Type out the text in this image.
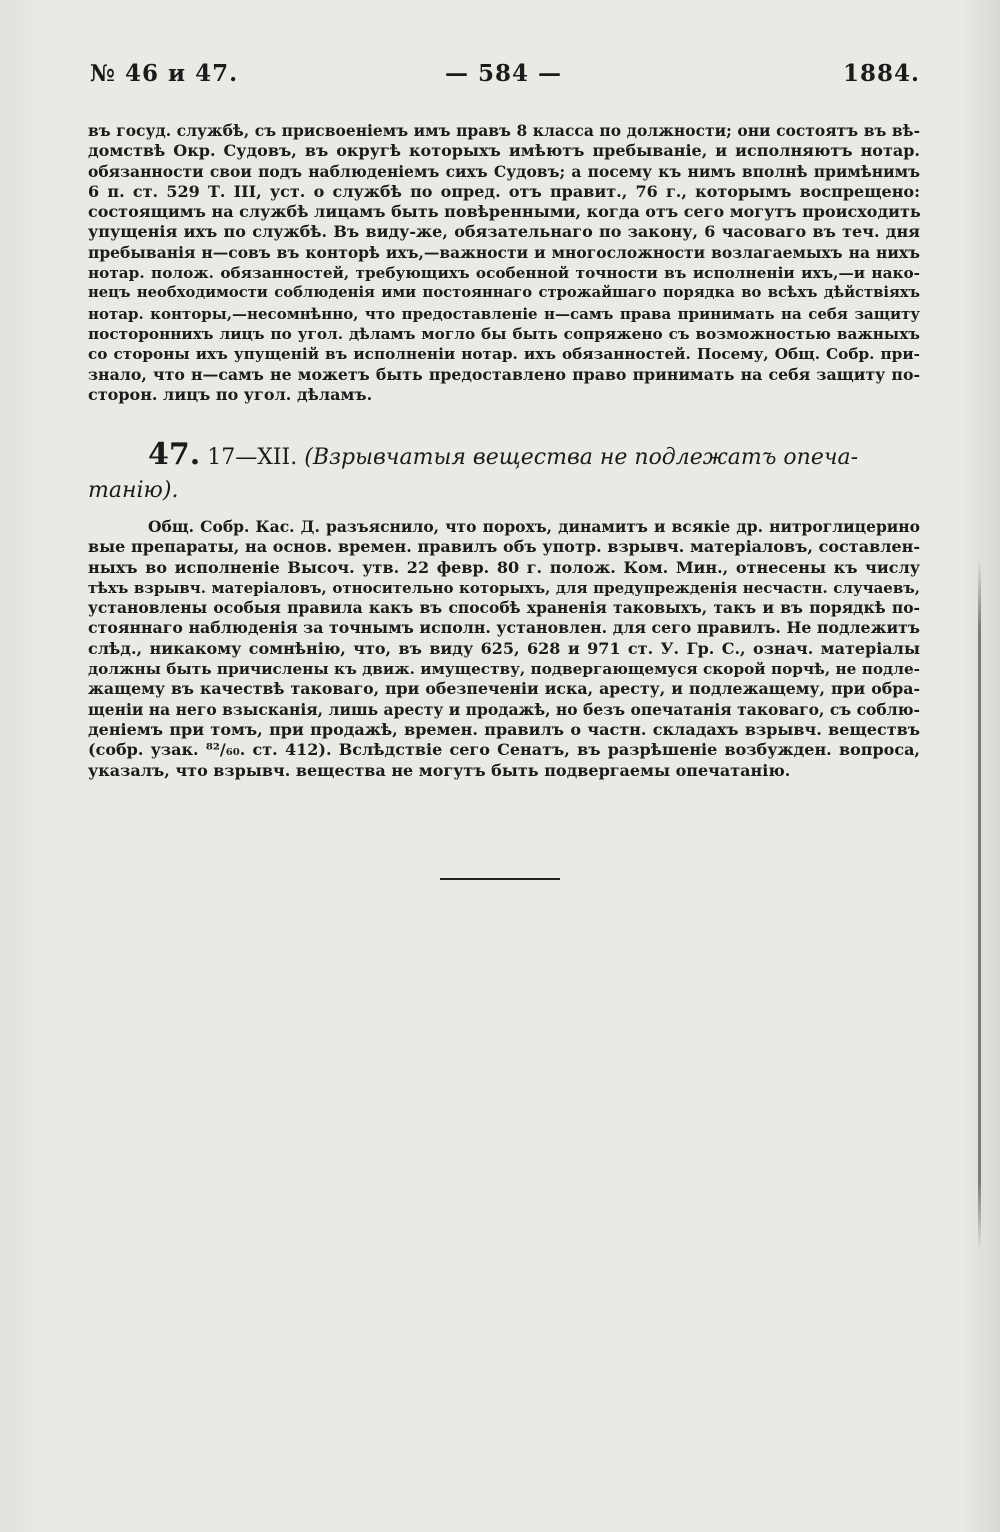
№ 46 и 47.	— 584 —	1884.
въ госуд. службѣ, съ присвоеніемъ имъ правъ 8 класса по должности; они состоятъ въ вѣ-
домствѣ Окр. Судовъ, въ округѣ которыхъ имѣютъ пребываніе, и исполняютъ нотар.
обязанности свои подъ наблюденіемъ сихъ Судовъ; а посему къ нимъ вполнѣ примѣнимъ
6 п. ст. 529 Т. III, уст. о службѣ по опред. отъ правит., 76 г., которымъ воспрещено:
состоящимъ на службѣ лицамъ быть повѣренными, когда отъ сего могутъ происходить
упущенія ихъ по службѣ. Въ виду-же, обязательнаго по закону, 6 часоваго въ теч. дня
пребыванія н—совъ въ конторѣ ихъ,—важности и многосложности возлагаемыхъ на нихъ
нотар. полож. обязанностей, требующихъ особенной точности въ исполненіи ихъ,—и нако-
нецъ необходимости соблюденія ими постояннаго строжайшаго порядка во всѣхъ дѣйствіяхъ
нотар. конторы,—несомнѣнно, что предоставленіе н—самъ права принимать на себя защиту
постороннихъ лицъ по угол. дѣламъ могло бы быть сопряжено съ возможностью важныхъ
со стороны ихъ упущеній въ исполненіи нотар. ихъ обязанностей. Посему, Общ. Собр. при-
знало, что н—самъ не можетъ быть предоставлено право принимать на себя защиту по-
сторон. лицъ по угол. дѣламъ.
47. 17—XII. (Взрывчатыя вещества не подлежатъ опеча-
танію).
Общ. Собр. Кас. Д. разъяснило, что порохъ, динамитъ и всякіе др. нитроглицерино
вые препараты, на основ. времен. правилъ объ употр. взрывч. матеріаловъ, составлен-
ныхъ во исполненіе Высоч. утв. 22 февр. 80 г. полож. Ком. Мин., отнесены къ числу
тѣхъ взрывч. матеріаловъ, относительно которыхъ, для предупрежденія несчастн. случаевъ,
установлены особыя правила какъ въ способѣ храненія таковыхъ, такъ и въ порядкѣ по-
стояннаго наблюденія за точнымъ исполн. установлен. для сего правилъ. Не подлежитъ
слѣд., никакому сомнѣнію, что, въ виду 625, 628 и 971 ст. У. Гр. С., означ. матеріалы
должны быть причислены къ движ. имуществу, подвергающемуся скорой порчѣ, не подле-
жащему въ качествѣ таковаго, при обезпеченіи иска, аресту, и подлежащему, при обра-
щеніи на него взысканія, лишь аресту и продажѣ, но безъ опечатанія таковаго, съ соблю-
деніемъ при томъ, при продажѣ, времен. правилъ о частн. складахъ взрывч. веществъ
(собр. узак. ⁸²/₆₀. ст. 412). Вслѣдствіе сего Сенатъ, въ разрѣшеніе возбужден. вопроса,
указалъ, что взрывч. вещества не могутъ быть подвергаемы опечатанію.
